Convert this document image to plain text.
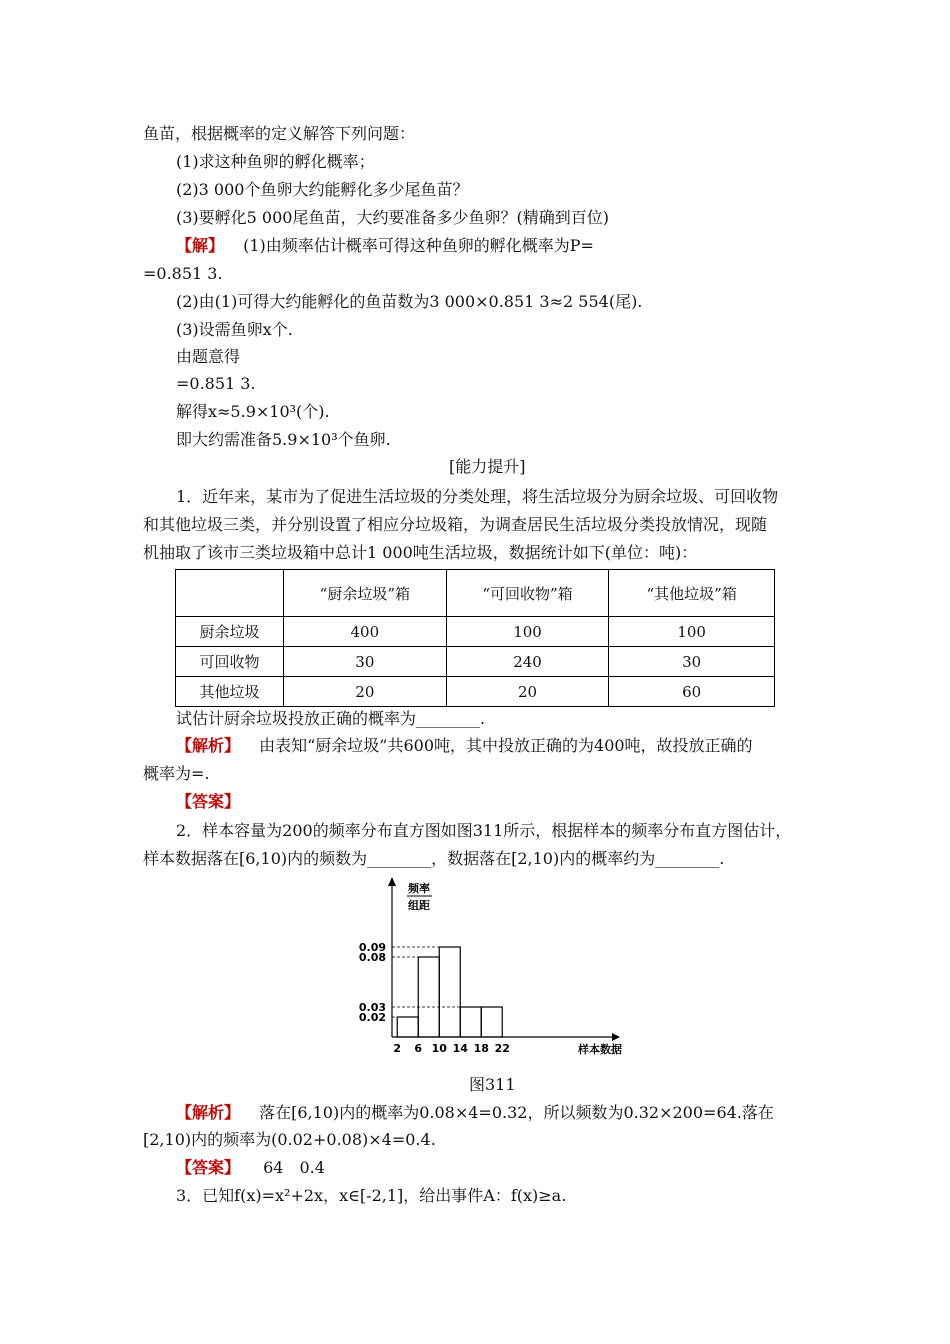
鱼苗，根据概率的定义解答下列问题：
(1)求这种鱼卵的孵化概率；
(2)3 000个鱼卵大约能孵化多少尾鱼苗？
(3)要孵化5 000尾鱼苗，大约要准备多少鱼卵？(精确到百位)
【解】 (1)由频率估计概率可得这种鱼卵的孵化概率为P=
=0.851 3.
(2)由(1)可得大约能孵化的鱼苗数为3 000×0.851 3≈2 554(尾).
(3)设需鱼卵x个.
由题意得
=0.851 3.
解得x≈5.9×10³(个).
即大约需准备5.9×10³个鱼卵.
[能力提升]
1．近年来，某市为了促进生活垃圾的分类处理，将生活垃圾分为厨余垃圾、可回收物
和其他垃圾三类，并分别设置了相应分垃圾箱，为调查居民生活垃圾分类投放情况，现随
机抽取了该市三类垃圾箱中总计1 000吨生活垃圾，数据统计如下(单位：吨)：
	“厨余垃圾”箱	“可回收物”箱	“其他垃圾”箱
厨余垃圾	400	100	100
可回收物	30	240	30
其他垃圾	20	20	60
试估计厨余垃圾投放正确的概率为________.
【解析】 由表知“厨余垃圾”共600吨，其中投放正确的为400吨，故投放正确的
概率为=.
【答案】
2．样本容量为200的频率分布直方图如图311所示，根据样本的频率分布直方图估计，
样本数据落在[6,10)内的频数为________，数据落在[2,10)内的概率约为________.
频率
组距
0.02
0.03
0.08
0.09
2 6 10 14 18 22	样本数据
图311
【解析】 落在[6,10)内的概率为0.08×4=0.32，所以频数为0.32×200=64.落在
[2,10)内的频率为(0.02+0.08)×4=0.4.
【答案】 64　0.4
3．已知f(x)=x²+2x，x∈[-2,1]，给出事件A：f(x)≥a.
